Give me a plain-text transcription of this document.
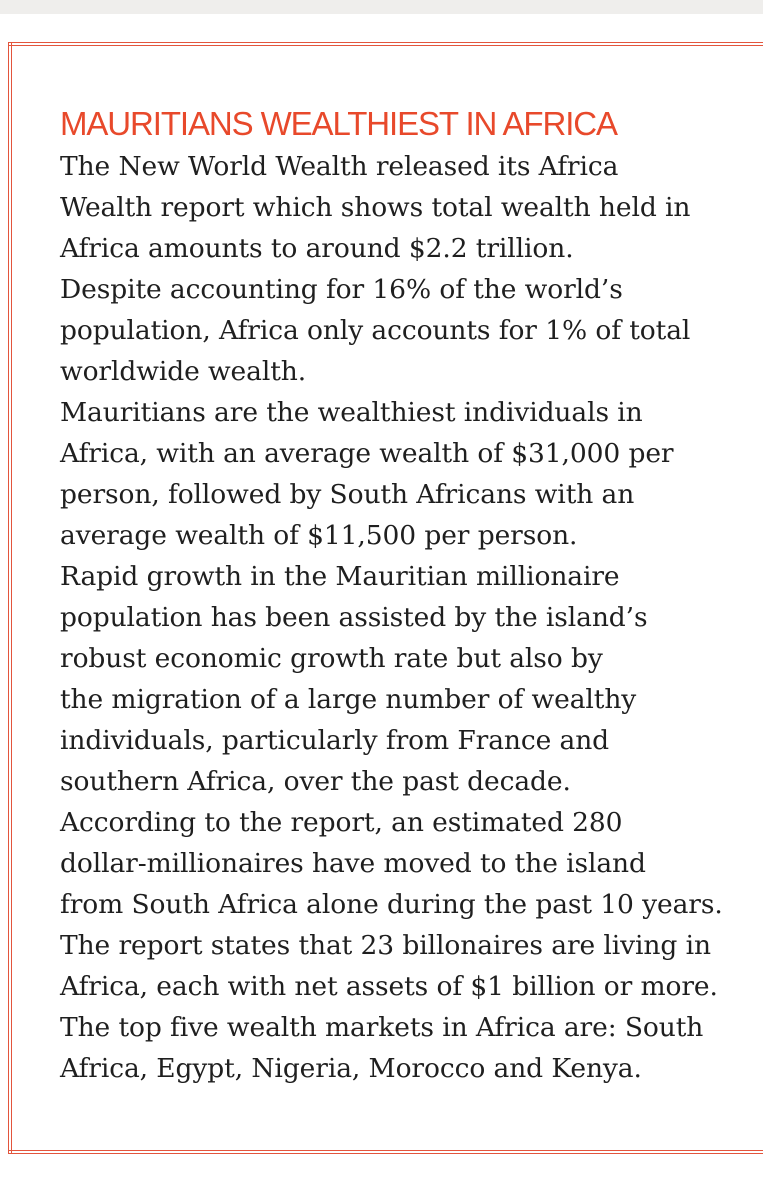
MAURITIANS WEALTHIEST IN AFRICA
The New World Wealth released its Africa
Wealth report which shows total wealth held in
Africa amounts to around $2.2 trillion.
Despite accounting for 16% of the world’s
population, Africa only accounts for 1% of total
worldwide wealth.
Mauritians are the wealthiest individuals in
Africa, with an average wealth of $31,000 per
person, followed by South Africans with an
average wealth of $11,500 per person.
Rapid growth in the Mauritian millionaire
population has been assisted by the island’s
robust economic growth rate but also by
the migration of a large number of wealthy
individuals, particularly from France and
southern Africa, over the past decade.
According to the report, an estimated 280
dollar-millionaires have moved to the island
from South Africa alone during the past 10 years.
The report states that 23 billonaires are living in
Africa, each with net assets of $1 billion or more.
The top five wealth markets in Africa are: South
Africa, Egypt, Nigeria, Morocco and Kenya.
